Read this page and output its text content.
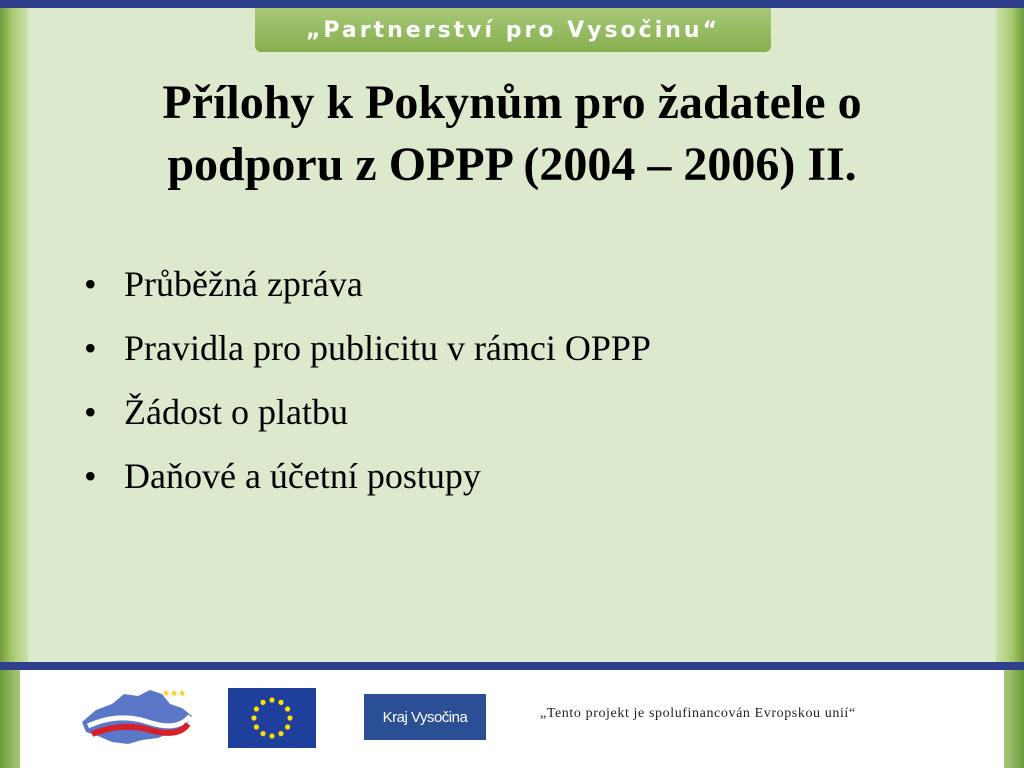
„Partnerství pro Vysočinu“
Přílohy k Pokynům pro žadatele o
podporu z OPPP (2004 – 2006) II.
• Průběžná zpráva
• Pravidla pro publicitu v rámci OPPP
• Žádost o platbu
• Daňové a účetní postupy
★★★
Kraj Vysočina	„Tento projekt je spolufinancován Evropskou unií“
